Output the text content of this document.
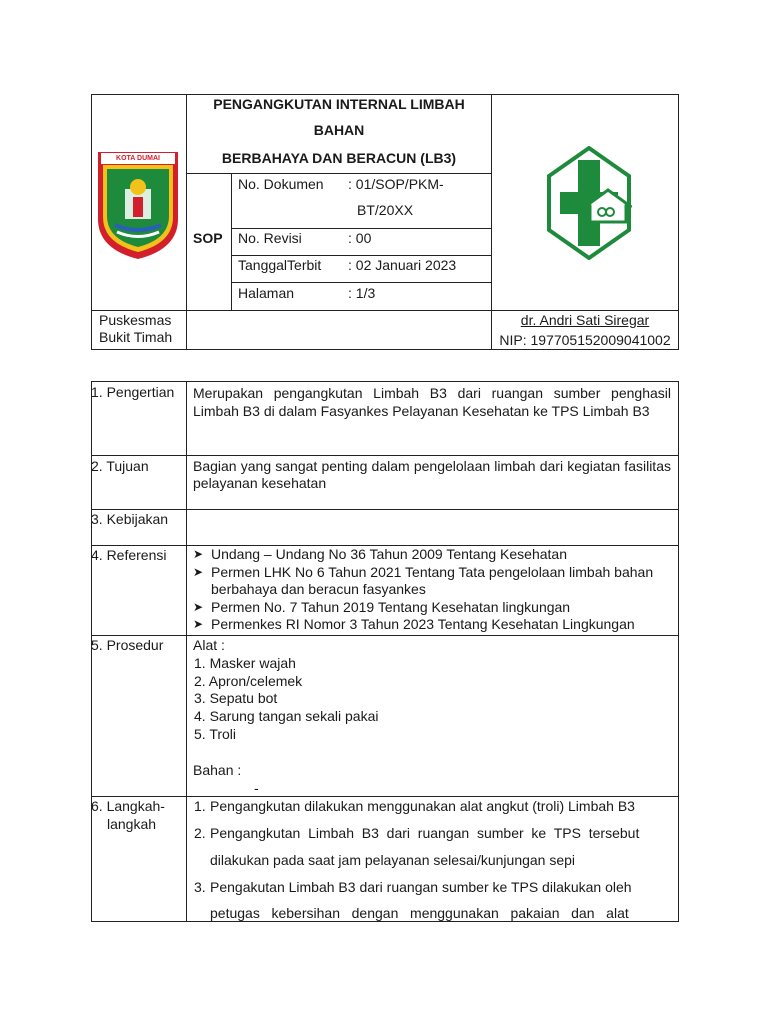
PENGANGKUTAN INTERNAL LIMBAH
BAHAN
BERBAHAYA DAN BERACUN (LB3)
SOP
No. Dokumen : 01/SOP/PKM-
BT/20XX
No. Revisi	: 00
TanggalTerbit : 02 Januari 2023
Halaman	: 1/3
KOTA DUMAI
Puskesmas
Bukit Timah
dr. Andri Sati Siregar
NIP: 197705152009041002
1. Pengertian Merupakan pengangkutan Limbah B3 dari ruangan sumber penghasil Limbah B3 di dalam Fasyankes Pelayanan Kesehatan ke TPS Limbah B3
2. Tujuan	Bagian yang sangat penting dalam pengelolaan limbah dari kegiatan fasilitas pelayanan kesehatan
3. Kebijakan
4. Referensi ➤ Undang – Undang No 36 Tahun 2009 Tentang Kesehatan
➤ Permen LHK No 6 Tahun 2021 Tentang Tata pengelolaan limbah bahan berbahaya dan beracun fasyankes
➤ Permen No. 7 Tahun 2019 Tentang Kesehatan lingkungan
➤ Permenkes RI Nomor 3 Tahun 2023 Tentang Kesehatan Lingkungan
5. Prosedur Alat :
1. Masker wajah
2. Apron/celemek
3. Sepatu bot
4. Sarung tangan sekali pakai
5. Troli
Bahan :
-
6. Langkah-
langkah
1. Pengangkutan dilakukan menggunakan alat angkut (troli) Limbah B3
2. Pengangkutan  Limbah  B3  dari  ruangan  sumber  ke  TPS  tersebut
dilakukan pada saat jam pelayanan selesai/kunjungan sepi
3. Pengakutan Limbah B3 dari ruangan sumber ke TPS dilakukan oleh
petugas   kebersihan   dengan   menggunakan   pakaian   dan   alat
